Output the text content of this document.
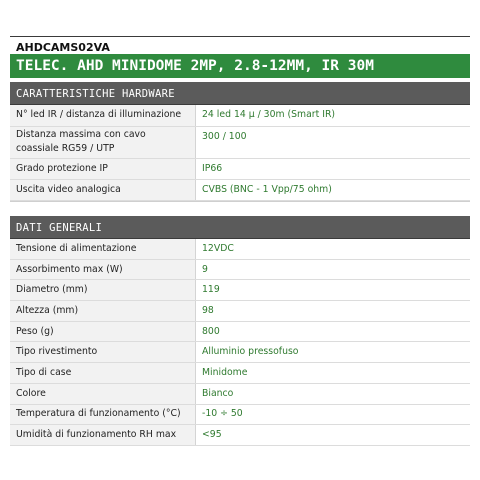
AHDCAMS02VA
TELEC. AHD MINIDOME 2MP, 2.8-12MM, IR 30M
CARATTERISTICHE HARDWARE
N° led IR / distanza di illuminazione	24 led 14 µ / 30m (Smart IR)
Distanza massima con cavo coassiale RG59 / UTP	300 / 100
Grado protezione IP	IP66
Uscita video analogica	CVBS (BNC - 1 Vpp/75 ohm)
DATI GENERALI
Tensione di alimentazione	12VDC
Assorbimento max (W)	9
Diametro (mm)	119
Altezza (mm)	98
Peso (g)	800
Tipo rivestimento	Alluminio pressofuso
Tipo di case	Minidome
Colore	Bianco
Temperatura di funzionamento (°C)	-10 ÷ 50
Umidità di funzionamento RH max	<95
